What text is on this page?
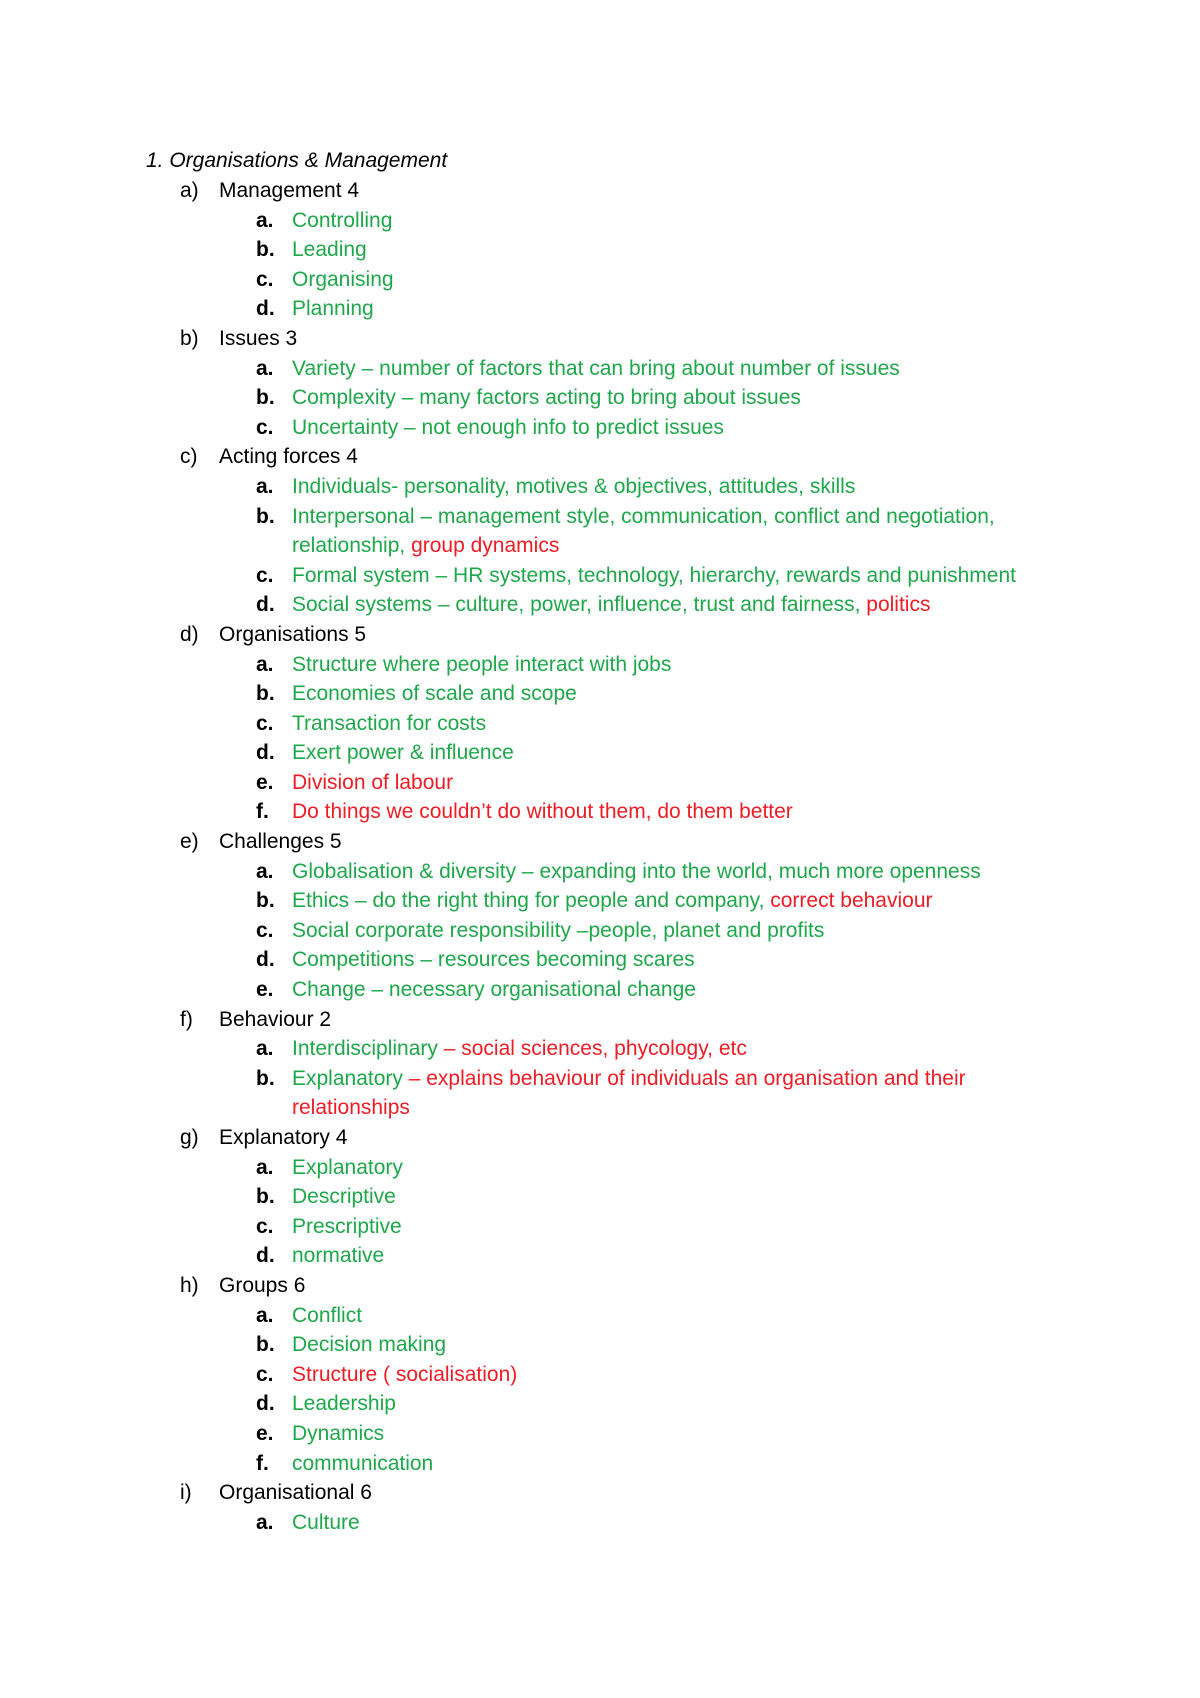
1. Organisations & Management
a) Management 4
a. Controlling
b. Leading
c. Organising
d. Planning
b) Issues 3
a. Variety – number of factors that can bring about number of issues
b. Complexity – many factors acting to bring about issues
c. Uncertainty – not enough info to predict issues
c) Acting forces 4
a. Individuals- personality, motives & objectives, attitudes, skills
b. Interpersonal – management style, communication, conflict and negotiation, relationship, group dynamics
c. Formal system – HR systems, technology, hierarchy, rewards and punishment
d. Social systems – culture, power, influence, trust and fairness, politics
d) Organisations 5
a. Structure where people interact with jobs
b. Economies of scale and scope
c. Transaction for costs
d. Exert power & influence
e. Division of labour
f. Do things we couldn’t do without them, do them better
e) Challenges 5
a. Globalisation & diversity – expanding into the world, much more openness
b. Ethics – do the right thing for people and company, correct behaviour
c. Social corporate responsibility –people, planet and profits
d. Competitions – resources becoming scares
e. Change – necessary organisational change
f) Behaviour 2
a. Interdisciplinary – social sciences, phycology, etc
b. Explanatory – explains behaviour of individuals an organisation and their relationships
g) Explanatory 4
a. Explanatory
b. Descriptive
c. Prescriptive
d. normative
h) Groups 6
a. Conflict
b. Decision making
c. Structure ( socialisation)
d. Leadership
e. Dynamics
f. communication
i) Organisational 6
a. Culture
